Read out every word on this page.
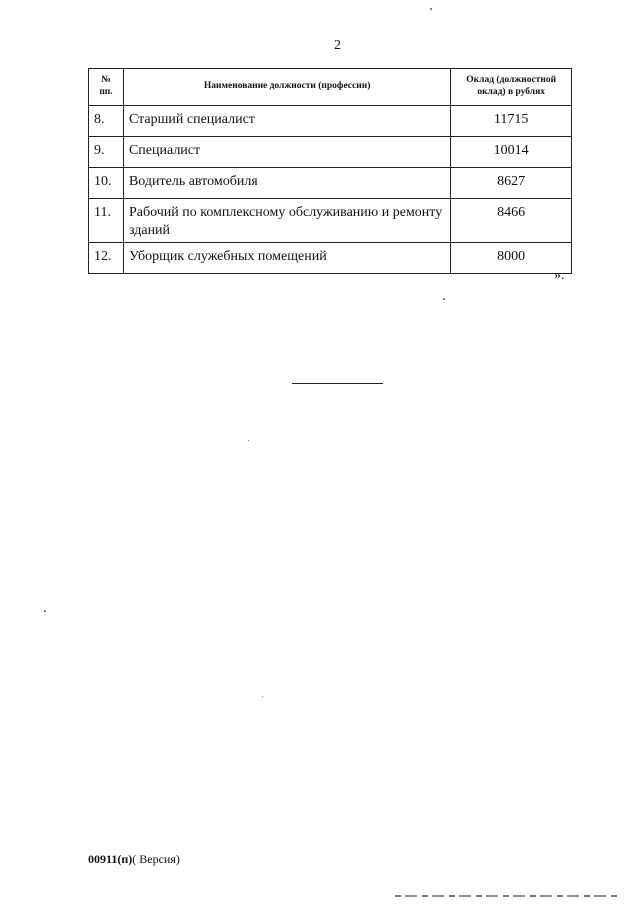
2
№ пп.	Наименование должности (профессии)	Оклад (должностной оклад) в рублях
8.	Старший специалист	11715
9.	Специалист	10014
10.	Водитель автомобиля	8627
11.	Рабочий по комплексному обслуживанию и ремонту зданий	8466
12.	Уборщик служебных помещений	8000
».
00911(п)( Версия)
